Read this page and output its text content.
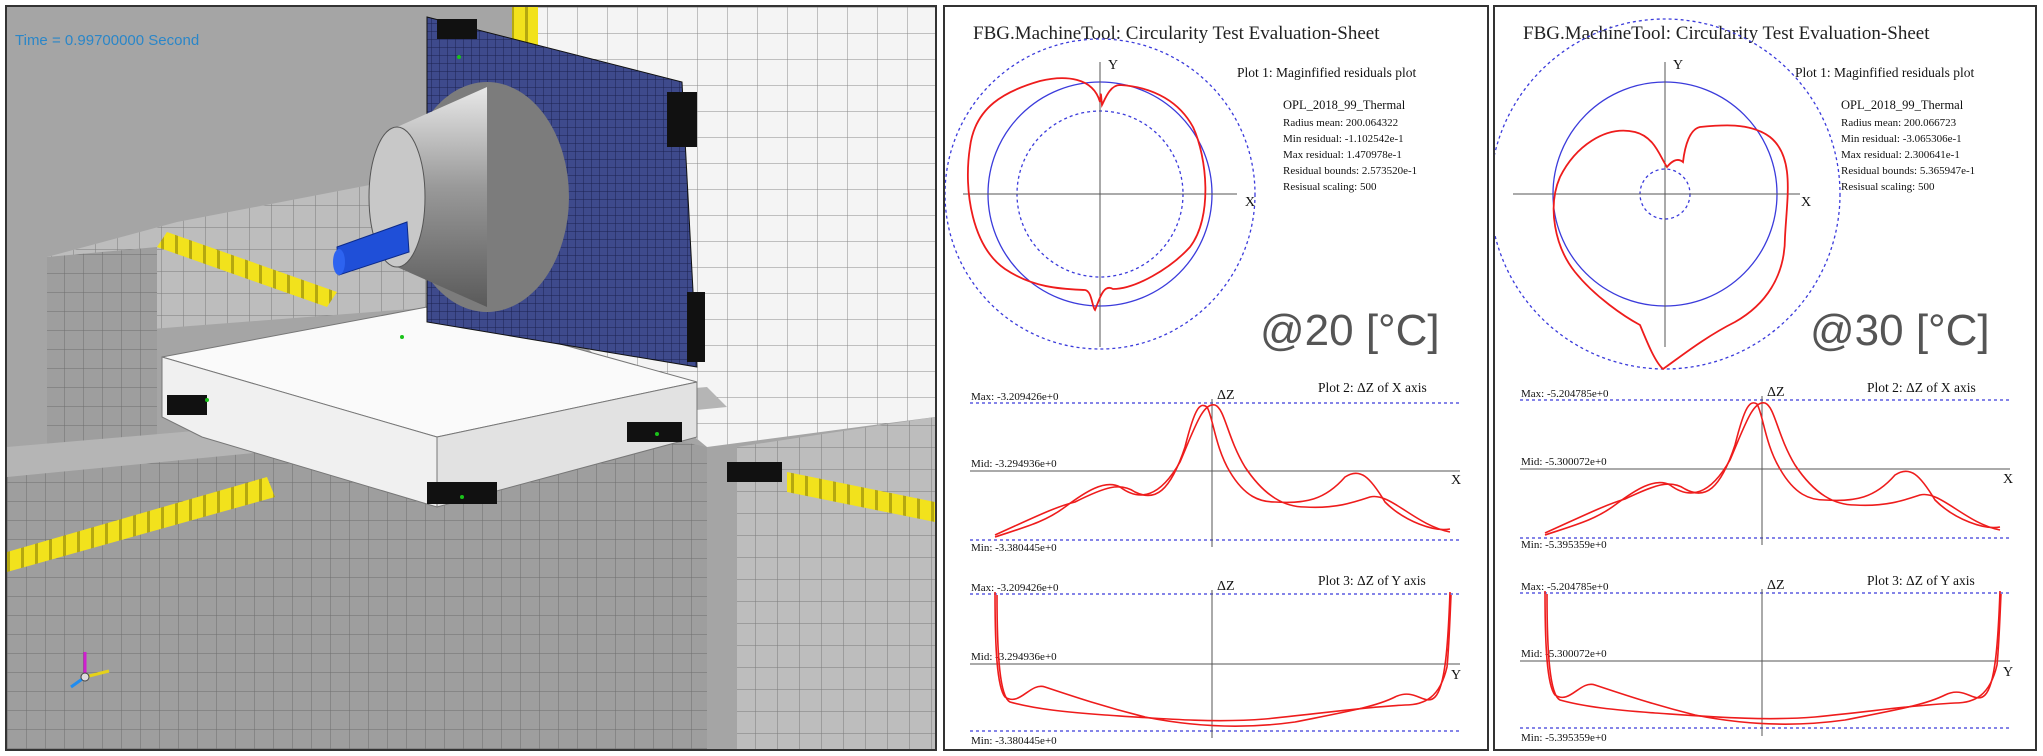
Time = 0.99700000 Second	FBG.MachineTool: Circularity Test Evaluation-Sheet
X
Y	Plot 1: Maginfified residuals plot
OPL_2018_99_Thermal
Radius mean: 200.064322
Min residual: -1.102542e-1
Max residual: 1.470978e-1
Residual bounds: 2.573520e-1
Resisual scaling: 500
@20 [°C]
Plot 2: ΔZ of X axis
Max: -3.209426e+0
Mid: -3.294936e+0
Min: -3.380445e+0
ΔZ
X
Plot 3: ΔZ of Y axis
Max: -3.209426e+0
Mid: -3.294936e+0
Min: -3.380445e+0
ΔZ
Y
FBG.MachineTool: Circularity Test Evaluation-Sheet
X
Y	Plot 1: Maginfified residuals plot
OPL_2018_99_Thermal
Radius mean: 200.066723
Min residual: -3.065306e-1
Max residual: 2.300641e-1
Residual bounds: 5.365947e-1
Resisual scaling: 500
@30 [°C]
Plot 2: ΔZ of X axis
Max: -5.204785e+0
Mid: -5.300072e+0
Min: -5.395359e+0
ΔZ
X
Plot 3: ΔZ of Y axis
Max: -5.204785e+0
Mid: -5.300072e+0
Min: -5.395359e+0
ΔZ
Y
